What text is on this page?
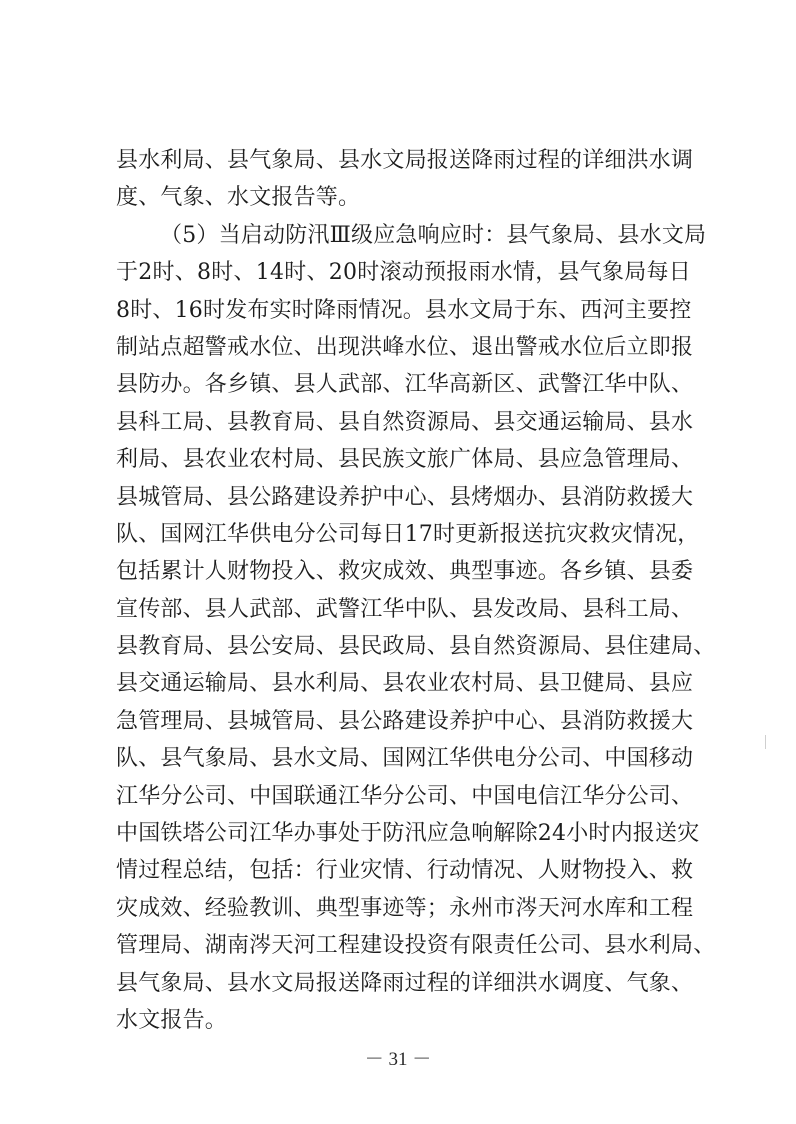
县水利局、县气象局、县水文局报送降雨过程的详细洪水调
度、气象、水文报告等。
（5）当启动防汛Ⅲ级应急响应时：县气象局、县水文局
于2时、8时、14时、20时滚动预报雨水情，县气象局每日
8时、16时发布实时降雨情况。县水文局于东、西河主要控
制站点超警戒水位、出现洪峰水位、退出警戒水位后立即报
县防办。各乡镇、县人武部、江华高新区、武警江华中队、
县科工局、县教育局、县自然资源局、县交通运输局、县水
利局、县农业农村局、县民族文旅广体局、县应急管理局、
县城管局、县公路建设养护中心、县烤烟办、县消防救援大
队、国网江华供电分公司每日17时更新报送抗灾救灾情况，
包括累计人财物投入、救灾成效、典型事迹。各乡镇、县委
宣传部、县人武部、武警江华中队、县发改局、县科工局、
县教育局、县公安局、县民政局、县自然资源局、县住建局、
县交通运输局、县水利局、县农业农村局、县卫健局、县应
急管理局、县城管局、县公路建设养护中心、县消防救援大
队、县气象局、县水文局、国网江华供电分公司、中国移动
江华分公司、中国联通江华分公司、中国电信江华分公司、
中国铁塔公司江华办事处于防汛应急响解除24小时内报送灾
情过程总结，包括：行业灾情、行动情况、人财物投入、救
灾成效、经验教训、典型事迹等；永州市涔天河水库和工程
管理局、湖南涔天河工程建设投资有限责任公司、县水利局、
县气象局、县水文局报送降雨过程的详细洪水调度、气象、
水文报告。
－ 31 －
